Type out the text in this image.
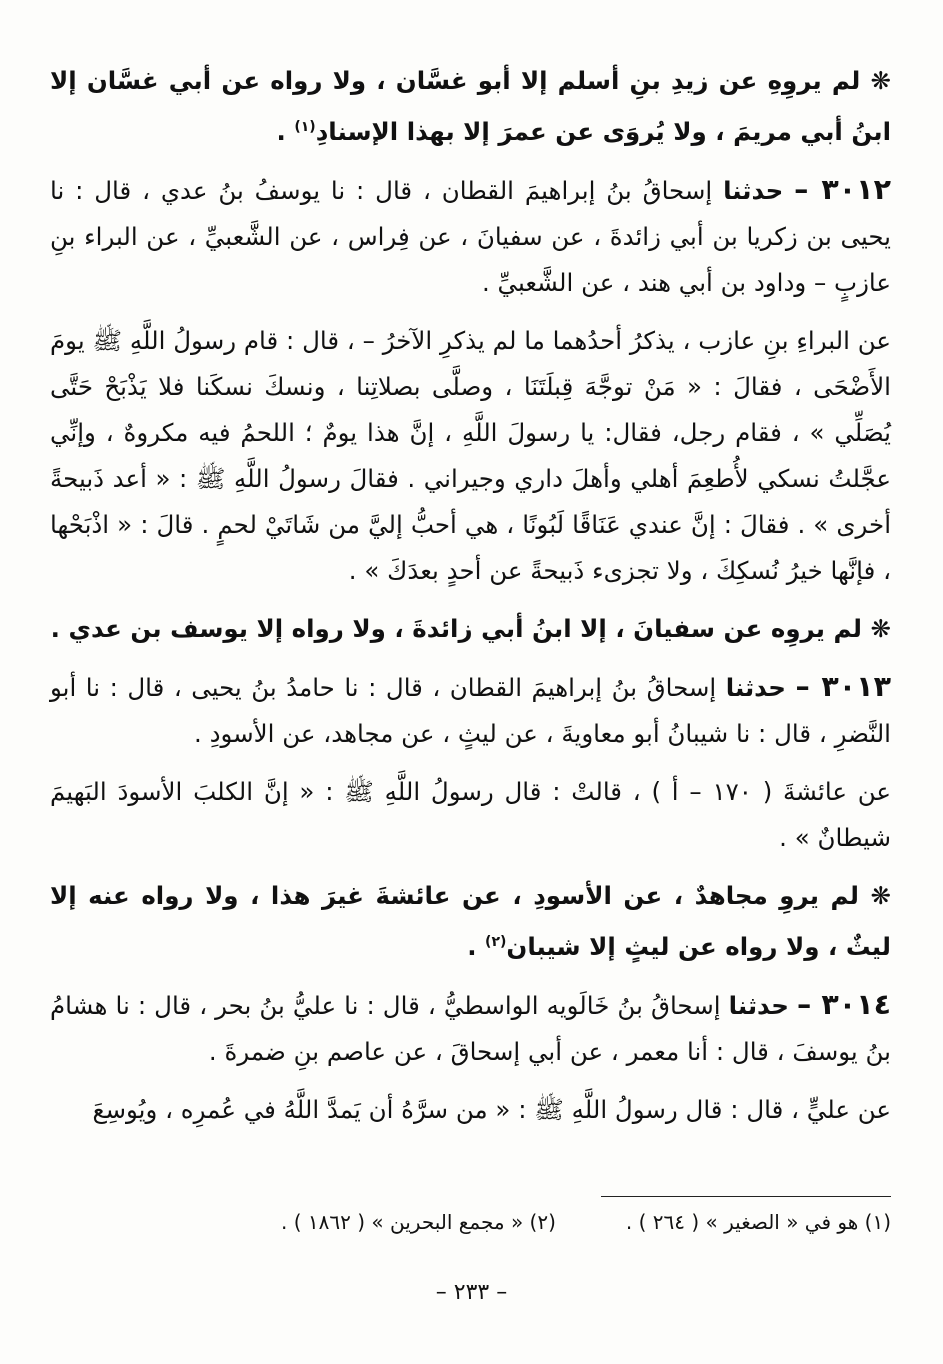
❋ لم يروِهِ عن زيدِ بنِ أسلم إلا أبو غسَّان ، ولا رواه عن أبي غسَّان إلا ابنُ أبي مريمَ ، ولا يُروَى عن عمرَ إلا بهذا الإسنادِ$^{(١)}$ .

٣٠١٢ – حدثنا إسحاقُ بنُ إبراهيمَ القطان ، قال : نا يوسفُ بنُ عدي ، قال : نا يحيى بن زكريا بن أبي زائدةَ ، عن سفيانَ ، عن فِراس ، عن الشَّعبيِّ ، عن البراء بنِ عازبٍ – وداود بن أبي هند ، عن الشَّعبيِّ .

عن البراءِ بنِ عازب ، يذكرُ أحدُهما ما لم يذكرِ الآخرُ – ، قال : قام رسولُ اللَّهِ ﷺ يومَ الأَضْحَى ، فقالَ : « مَنْ توجَّهَ قِبلَتَنَا ، وصلَّى بصلاتِنا ، ونسكَ نسكَنا فلا يَذْبَحْ حَتَّى يُصَلِّي » ، فقام رجل، فقال: يا رسولَ اللَّهِ ، إنَّ هذا يومٌ ؛ اللحمُ فيه مكروهٌ ، وإنِّي عجَّلتُ نسكي لأُطعِمَ أهلي وأهلَ داري وجيراني . فقالَ رسولُ اللَّهِ ﷺ : « أعد ذَبيحةً أخرى » . فقالَ : إنَّ عندي عَنَاقًا لَبُونًا ، هي أحبُّ إليَّ من شَاتَيْ لحمٍ . قالَ : « اذْبَحْها ، فإنَّها خيرُ نُسكِكَ ، ولا تجزىء ذَبيحةً عن أحدٍ بعدَكَ » .

❋ لم يروِه عن سفيانَ ، إلا ابنُ أبي زائدةَ ، ولا رواه إلا يوسف بن عدي .

٣٠١٣ – حدثنا إسحاقُ بنُ إبراهيمَ القطان ، قال : نا حامدُ بنُ يحيى ، قال : نا أبو النَّضرِ ، قال : نا شيبانُ أبو معاويةَ ، عن ليثٍ ، عن مجاهد، عن الأسودِ .

عن عائشةَ ( ١٧٠ – أ ) ، قالتْ : قال رسولُ اللَّهِ ﷺ : « إنَّ الكلبَ الأسودَ البَهيمَ شيطانٌ » .

❋ لم يروِ مجاهدٌ ، عن الأسودِ ، عن عائشةَ غيرَ هذا ، ولا رواه عنه إلا ليثٌ ، ولا رواه عن ليثٍ إلا شيبان$^{(٢)}$ .

٣٠١٤ – حدثنا إسحاقُ بنُ خَالَويه الواسطيُّ ، قال : نا عليُّ بنُ بحر ، قال : نا هشامُ بنُ يوسفَ ، قال : أنا معمر ، عن أبي إسحاقَ ، عن عاصم بنِ ضمرةَ .

عن عليٍّ ، قال : قال رسولُ اللَّهِ ﷺ : « من سرَّهُ أن يَمدَّ اللَّهُ في عُمرِه ، ويُوسِعَ

(١) هو في « الصغير » ( ٢٦٤ ) .
(٢) « مجمع البحرين » ( ١٨٦٢ ) .
– ٢٣٣ –
